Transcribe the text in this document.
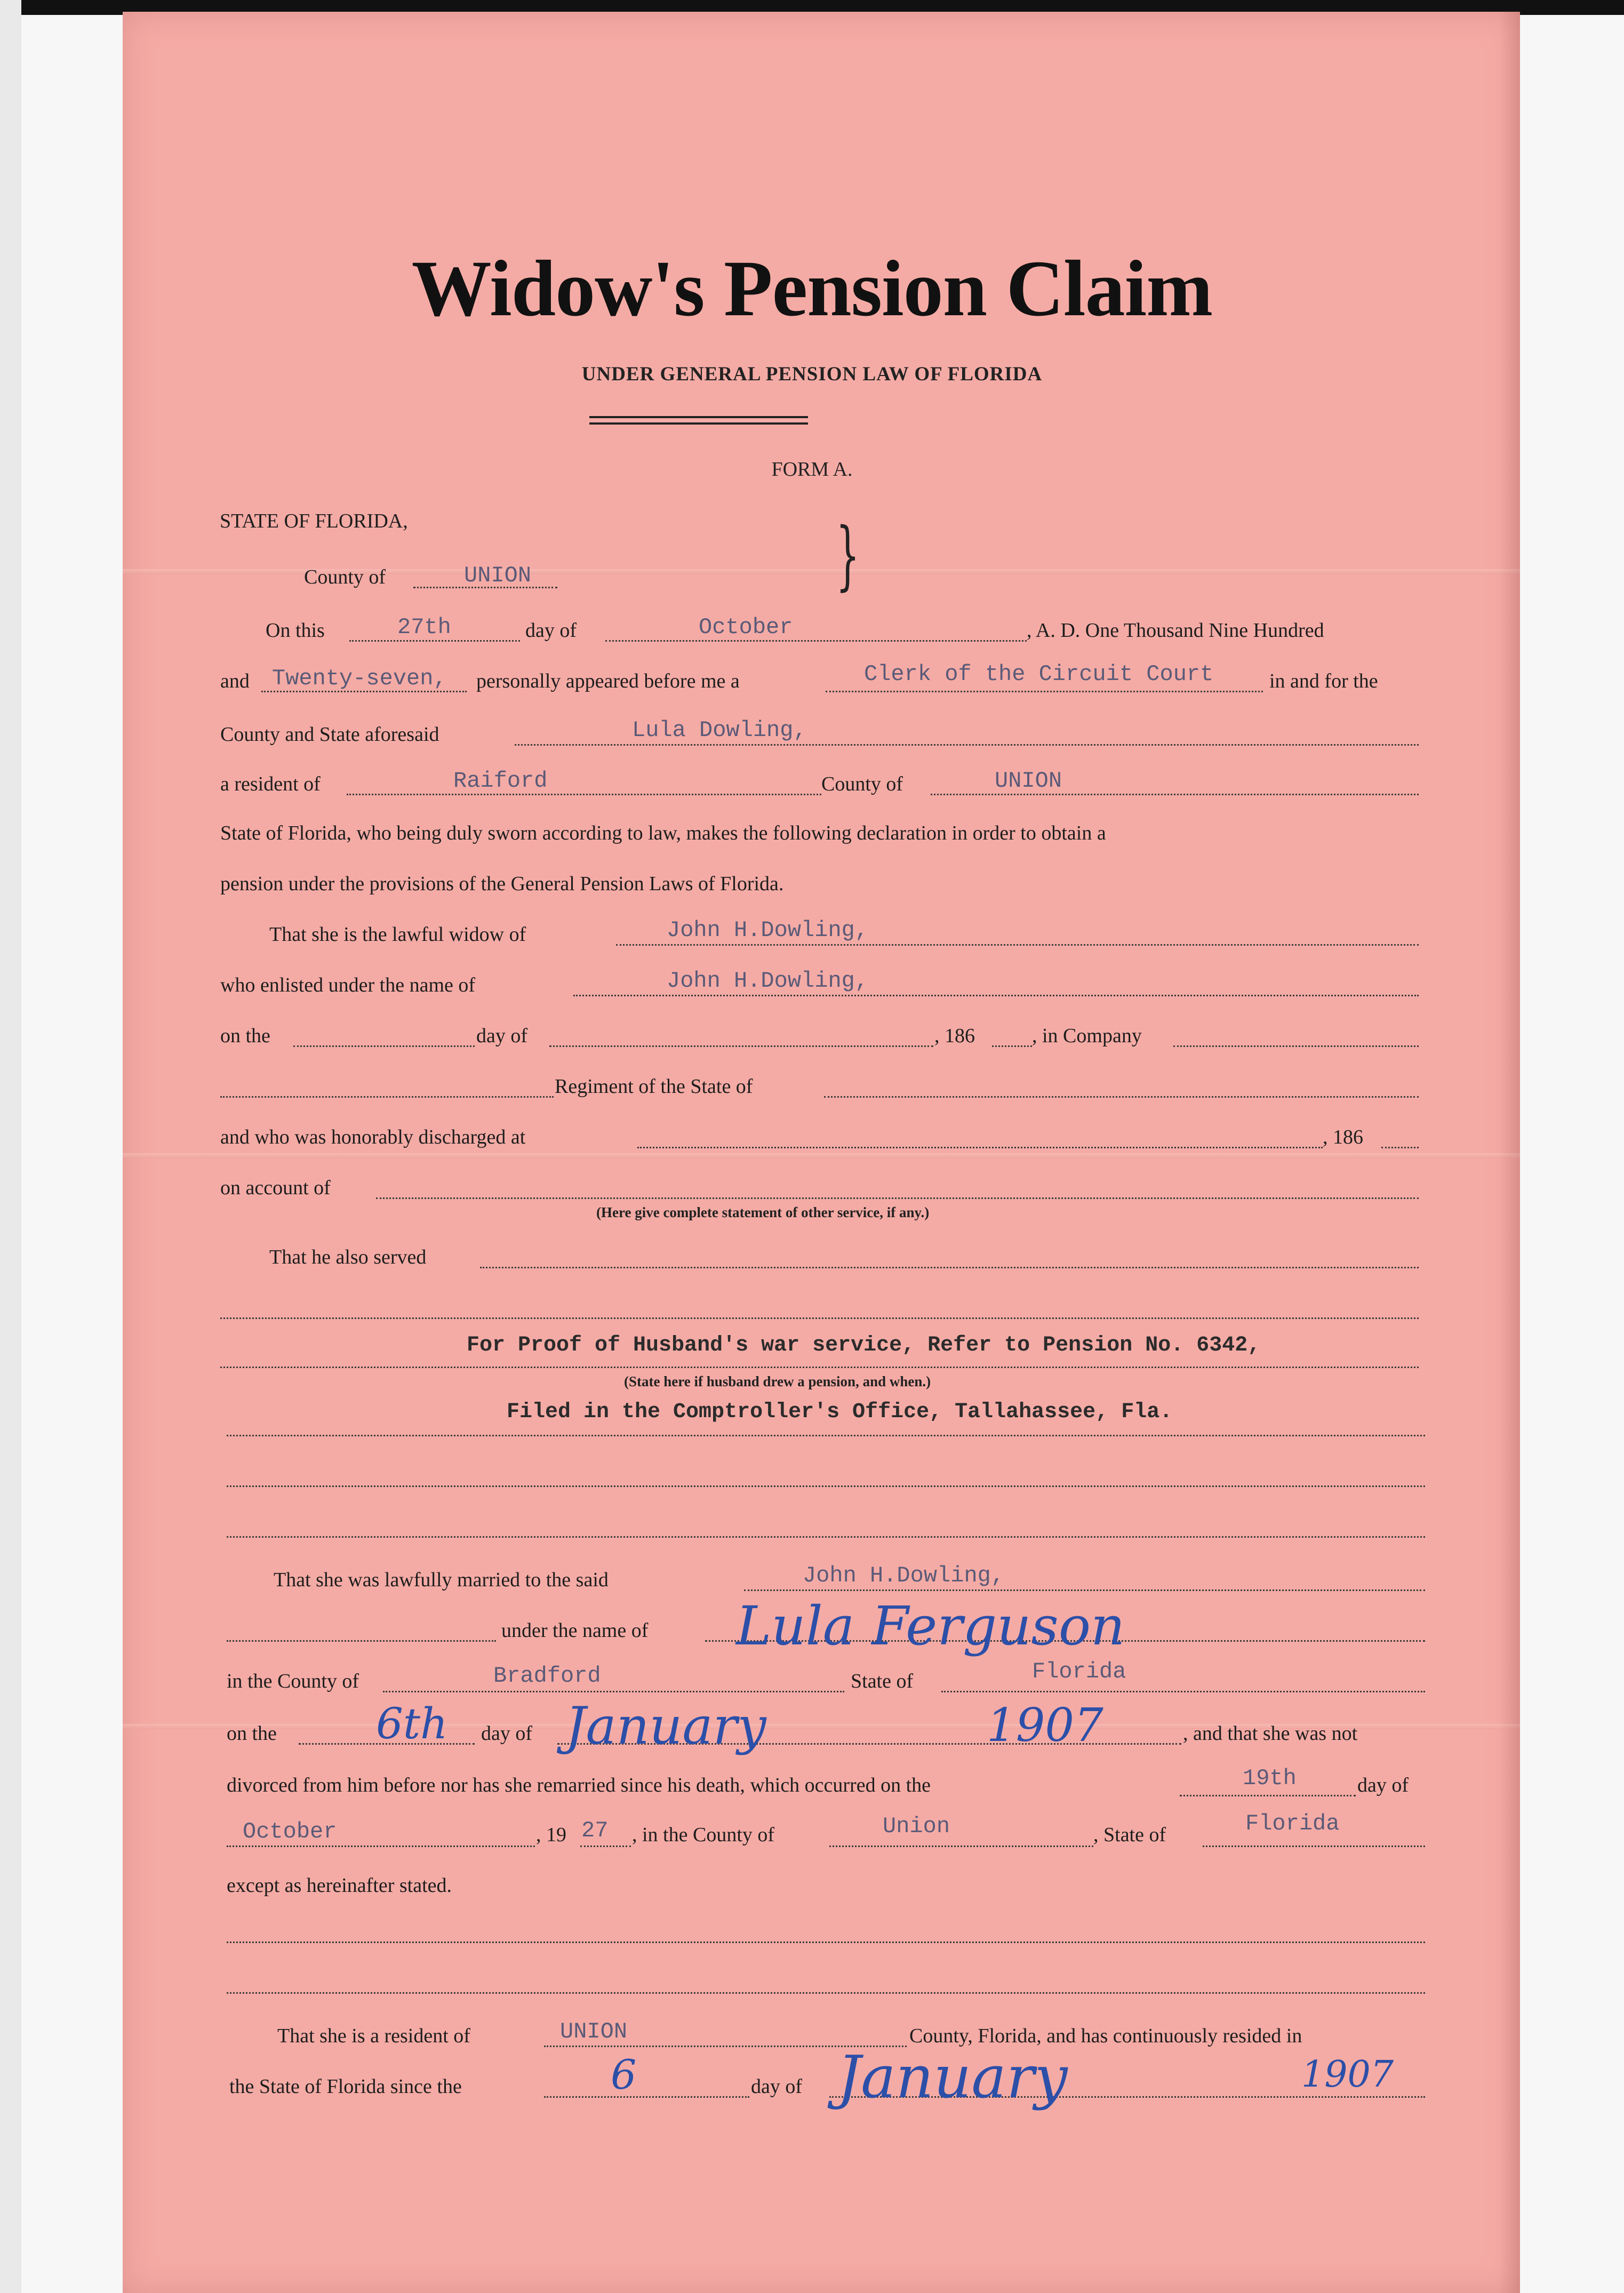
Widow's Pension Claim
UNDER GENERAL PENSION LAW OF FLORIDA
FORM A.
STATE OF FLORIDA,
County of	UNION	}
On this	27th	day of	October	, A. D. One Thousand Nine Hundred
and Twenty-seven, personally appeared before me a	Clerk of the Circuit Court	in and for the
County and State aforesaid	Lula Dowling,
a resident of	Raiford	County of	UNION
State of Florida, who being duly sworn according to law, makes the following declaration in order to obtain a
pension under the provisions of the General Pension Laws of Florida.
That she is the lawful widow of	John H.Dowling,
who enlisted under the name of	John H.Dowling,
on the	day of	, 186	, in Company
Regiment of the State of
and who was honorably discharged at	, 186
on account of
(Here give complete statement of other service, if any.)
That he also served
For Proof of Husband's war service, Refer to Pension No. 6342,
(State here if husband drew a pension, and when.)
Filed in the Comptroller's Office, Tallahassee, Fla.
That she was lawfully married to the said	John H.Dowling,
under the name of Lula Ferguson
in the County of	Bradford	State of	Florida
on the 6th day of January	1907	, and that she was not
divorced from him before nor has she remarried since his death, which occurred on the	19th	day of
October	, 19 27 , in the County of	Union	, State of	Florida
except as hereinafter stated.
That she is a resident of	UNION	County, Florida, and has continuously resided in
the State of Florida since the	6	day of January	1907
